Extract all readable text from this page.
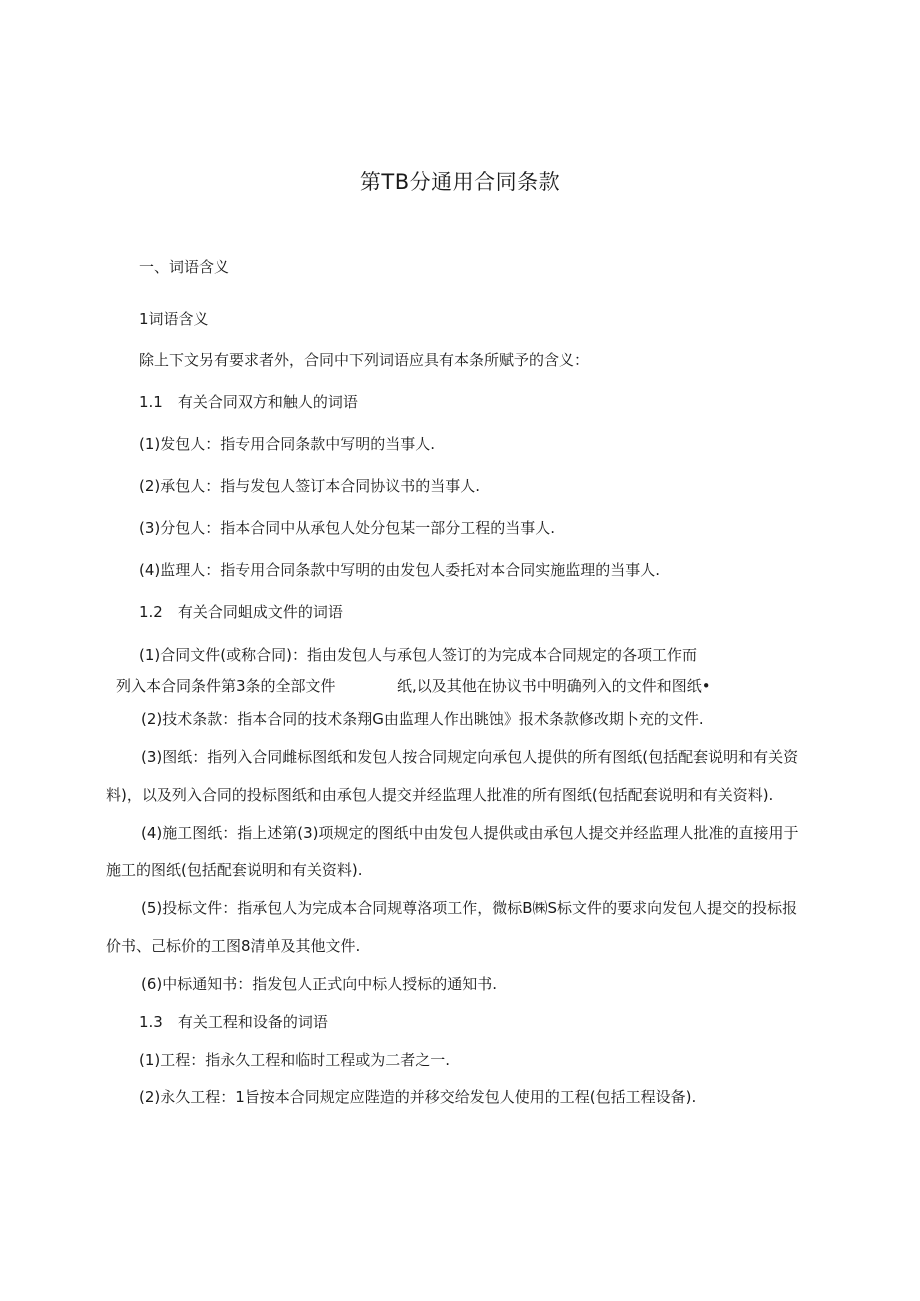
第TB分通用合同条款
一、词语含义
1词语含义
除上下文另有要求者外，合同中下列词语应具有本条所赋予的含义：
1.1　有关合同双方和触人的词语
(1)发包人：指专用合同条款中写明的当事人.
(2)承包人：指与发包人签订本合同协议书的当事人.
(3)分包人：指本合同中从承包人处分包某一部分工程的当事人.
(4)监理人：指专用合同条款中写明的由发包人委托对本合同实施监理的当事人.
1.2　有关合同蛆成文件的词语
(1)合同文件(或称合同)：指由发包人与承包人签订的为完成本合同规定的各项工作而
列入本合同条件第3条的全部文件	纸,以及其他在协议书中明确列入的文件和图纸•
(2)技术条款：指本合同的技术条翔G由监理人作出眺蚀》报术条款修改期卜充的文件.
(3)图纸：指列入合同雌标图纸和发包人按合同规定向承包人提供的所有图纸(包括配套说明和有关资
料)，以及列入合同的投标图纸和由承包人提交并经监理人批准的所有图纸(包括配套说明和有关资料).
(4)施工图纸：指上述第(3)项规定的图纸中由发包人提供或由承包人提交并经监理人批准的直接用于
施工的图纸(包括配套说明和有关资料).
(5)投标文件：指承包人为完成本合同规尊洛项工作，微标B㈱S标文件的要求向发包人提交的投标报
价书、己标价的工图8清单及其他文件.
(6)中标通知书：指发包人正式向中标人授标的通知书.
1.3　有关工程和设备的词语
(1)工程：指永久工程和临时工程或为二者之一.
(2)永久工程：1旨按本合同规定应陛造的并移交给发包人使用的工程(包括工程设备).
